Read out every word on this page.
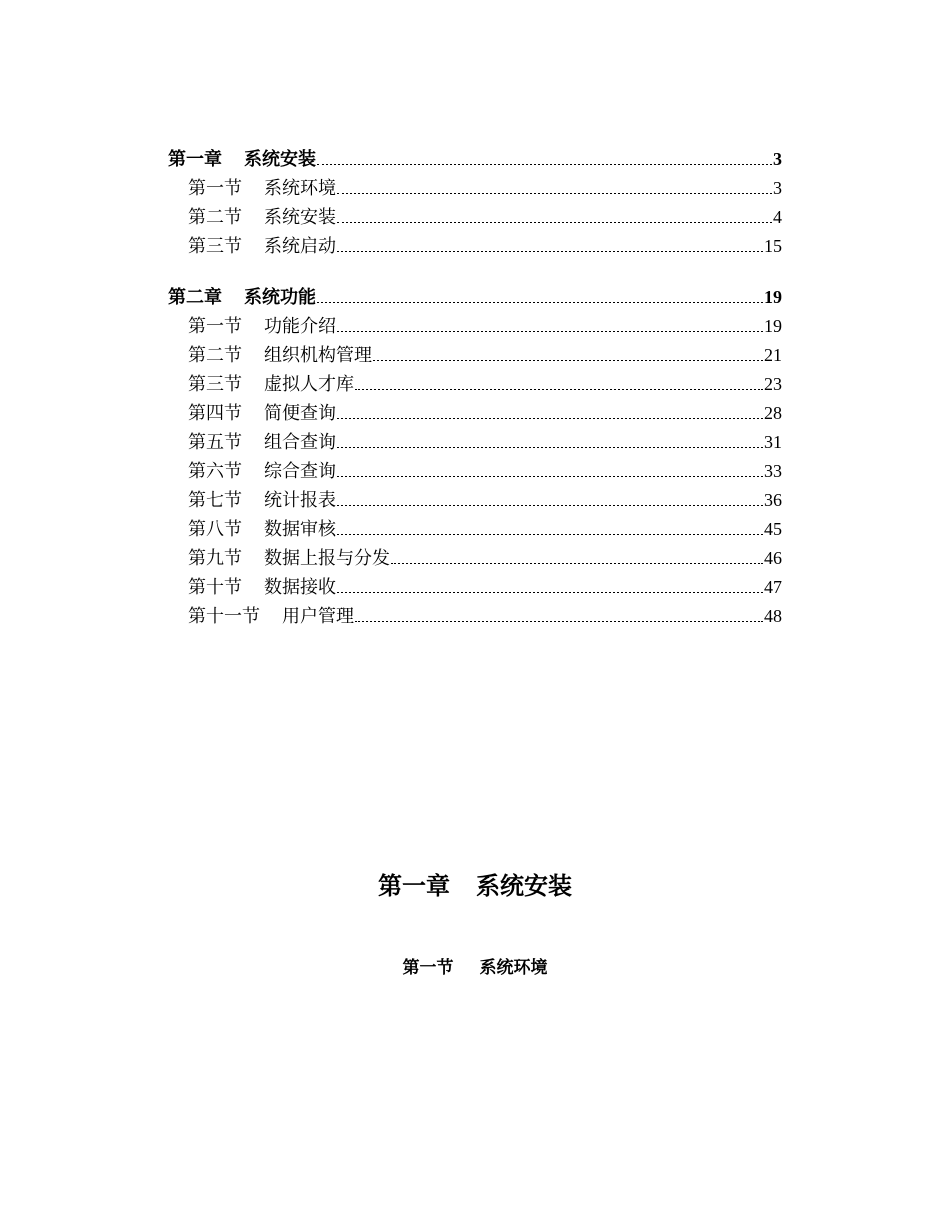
第一章 系统安装	3
第一节 系统环境	3
第二节 系统安装	4
第三节 系统启动	15
第二章 系统功能	19
第一节 功能介绍	19
第二节 组织机构管理	21
第三节 虚拟人才库	23
第四节 简便查询	28
第五节 组合查询	31
第六节 综合查询	33
第七节 统计报表	36
第八节 数据审核	45
第九节 数据上报与分发	46
第十节 数据接收	47
第十一节 用户管理	48
第一章 系统安装
第一节 系统环境
